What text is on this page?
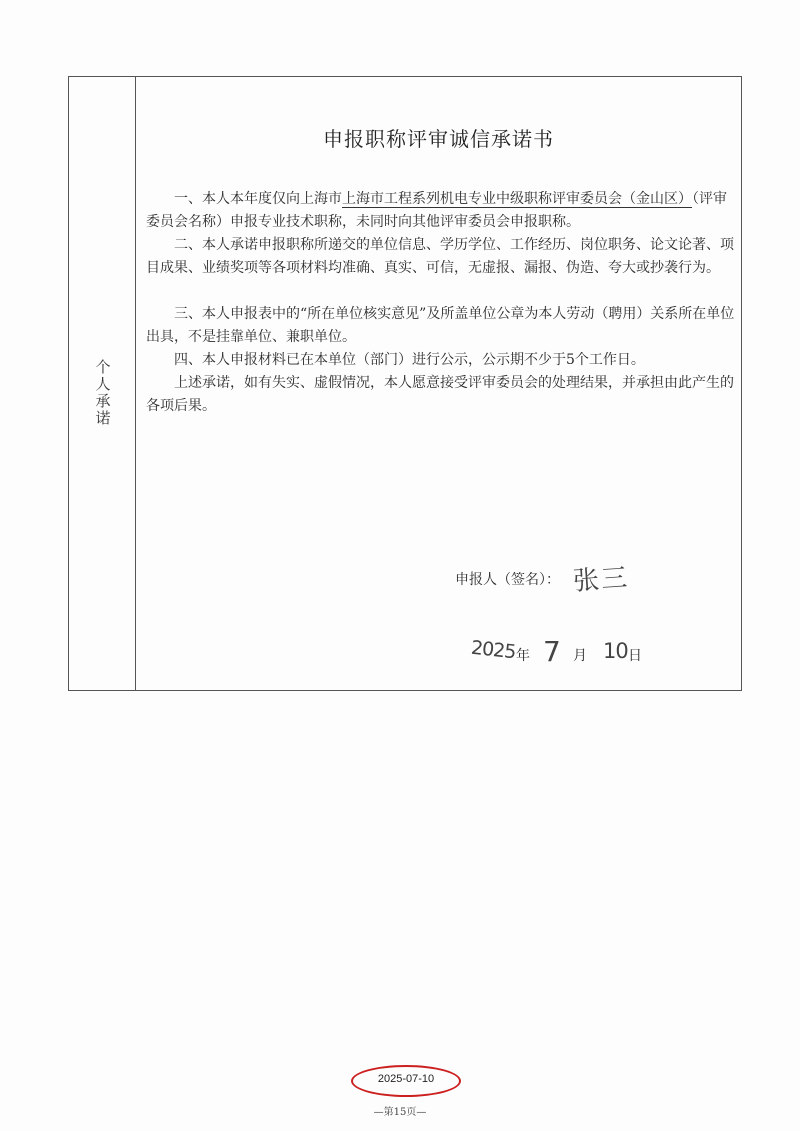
个人承诺
申报职称评审诚信承诺书

一、本人本年度仅向上海市上海市工程系列机电专业中级职称评审委员会（金山区）（评审委员会名称）申报专业技术职称，未同时向其他评审委员会申报职称。

二、本人承诺申报职称所递交的单位信息、学历学位、工作经历、岗位职务、论文论著、项目成果、业绩奖项等各项材料均准确、真实、可信，无虚报、漏报、伪造、夸大或抄袭行为。

三、本人申报表中的“所在单位核实意见”及所盖单位公章为本人劳动（聘用）关系所在单位出具，不是挂靠单位、兼职单位。

四、本人申报材料已在本单位（部门）进行公示，公示期不少于5个工作日。

上述承诺，如有失实、虚假情况，本人愿意接受评审委员会的处理结果，并承担由此产生的各项后果。

申报人（签名）： 张三
2025 年 7 月 10 日
2025-07-10
—第15页—
